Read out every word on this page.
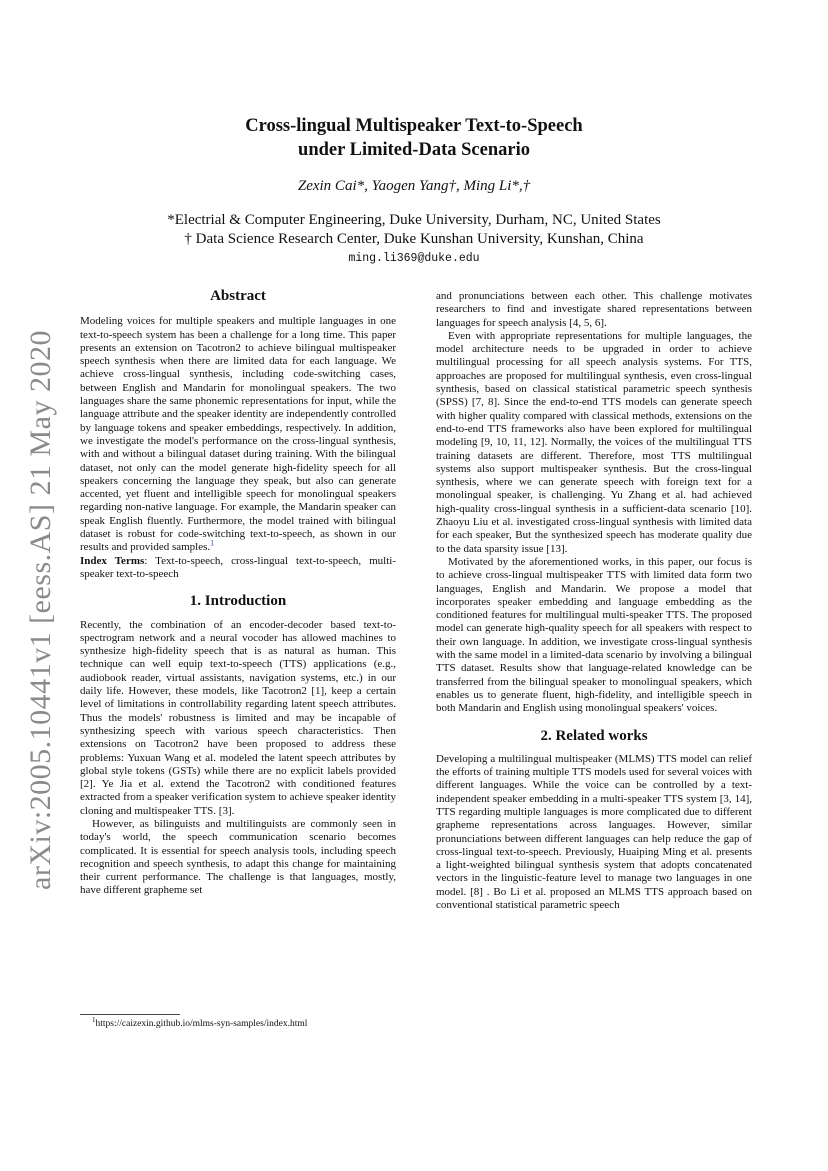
arXiv:2005.10441v1 [eess.AS] 21 May 2020
Cross-lingual Multispeaker Text-to-Speech
under Limited-Data Scenario
Zexin Cai*, Yaogen Yang†, Ming Li*,†
*Electrial & Computer Engineering, Duke University, Durham, NC, United States
† Data Science Research Center, Duke Kunshan University, Kunshan, China
ming.li369@duke.edu
Abstract

Modeling voices for multiple speakers and multiple languages in one text-to-speech system has been a challenge for a long time. This paper presents an extension on Tacotron2 to achieve bilingual multispeaker speech synthesis when there are limited data for each language. We achieve cross-lingual synthesis, including code-switching cases, between English and Mandarin for monolingual speakers. The two languages share the same phonemic representations for input, while the language attribute and the speaker identity are independently controlled by language tokens and speaker embeddings, respectively. In addition, we investigate the model's performance on the cross-lingual synthesis, with and without a bilingual dataset during training. With the bilingual dataset, not only can the model generate high-fidelity speech for all speakers concerning the language they speak, but also can generate accented, yet fluent and intelligible speech for monolingual speakers regarding non-native language. For example, the Mandarin speaker can speak English fluently. Furthermore, the model trained with bilingual dataset is robust for code-switching text-to-speech, as shown in our results and provided samples.$^1$

Index Terms: Text-to-speech, cross-lingual text-to-speech, multi-speaker text-to-speech

1. Introduction

Recently, the combination of an encoder-decoder based text-to-spectrogram network and a neural vocoder has allowed machines to synthesize high-fidelity speech that is as natural as human. This technique can well equip text-to-speech (TTS) applications (e.g., audiobook reader, virtual assistants, navigation systems, etc.) in our daily life. However, these models, like Tacotron2 [1], keep a certain level of limitations in controllability regarding latent speech attributes. Thus the models' robustness is limited and may be incapable of synthesizing speech with various speech characteristics. Then extensions on Tacotron2 have been proposed to address these problems: Yuxuan Wang et al. modeled the latent speech attributes by global style tokens (GSTs) while there are no explicit labels provided [2]. Ye Jia et al. extend the Tacotron2 with conditioned features extracted from a speaker verification system to achieve speaker identity cloning and multispeaker TTS. [3].

However, as bilinguists and multilinguists are commonly seen in today's world, the speech communication scenario becomes complicated. It is essential for speech analysis tools, including speech recognition and speech synthesis, to adapt this change for maintaining their current performance. The challenge is that languages, mostly, have different grapheme set

and pronunciations between each other. This challenge motivates researchers to find and investigate shared representations between languages for speech analysis [4, 5, 6].

Even with appropriate representations for multiple languages, the model architecture needs to be upgraded in order to achieve multilingual processing for all speech analysis systems. For TTS, approaches are proposed for multilingual synthesis, even cross-lingual synthesis, based on classical statistical parametric speech synthesis (SPSS) [7, 8]. Since the end-to-end TTS models can generate speech with higher quality compared with classical methods, extensions on the end-to-end TTS frameworks also have been explored for multilingual modeling [9, 10, 11, 12]. Normally, the voices of the multilingual TTS training datasets are different. Therefore, most TTS multilingual systems also support multispeaker synthesis. But the cross-lingual synthesis, where we can generate speech with foreign text for a monolingual speaker, is challenging. Yu Zhang et al. had achieved high-quality cross-lingual synthesis in a sufficient-data scenario [10]. Zhaoyu Liu et al. investigated cross-lingual synthesis with limited data for each speaker, But the synthesized speech has moderate quality due to the data sparsity issue [13].

Motivated by the aforementioned works, in this paper, our focus is to achieve cross-lingual multispeaker TTS with limited data form two languages, English and Mandarin. We propose a model that incorporates speaker embedding and language embedding as the conditioned features for multilingual multi-speaker TTS. The proposed model can generate high-quality speech for all speakers with respect to their own language. In addition, we investigate cross-lingual synthesis with the same model in a limited-data scenario by involving a bilingual TTS dataset. Results show that language-related knowledge can be transferred from the bilingual speaker to monolingual speakers, which enables us to generate fluent, high-fidelity, and intelligible speech in both Mandarin and English using monolingual speakers' voices.

2. Related works

Developing a multilingual multispeaker (MLMS) TTS model can relief the efforts of training multiple TTS models used for several voices with different languages. While the voice can be controlled by a text-independent speaker embedding in a multi-speaker TTS system [3, 14], TTS regarding multiple languages is more complicated due to different grapheme representations across languages. However, similar pronunciations between different languages can help reduce the gap of cross-lingual text-to-speech. Previously, Huaiping Ming et al. presents a light-weighted bilingual synthesis system that adopts concatenated vectors in the linguistic-feature level to manage two languages in one model. [8] . Bo Li et al. proposed an MLMS TTS approach based on conventional statistical parametric speech

$^1$https://caizexin.github.io/mlms-syn-samples/index.html
